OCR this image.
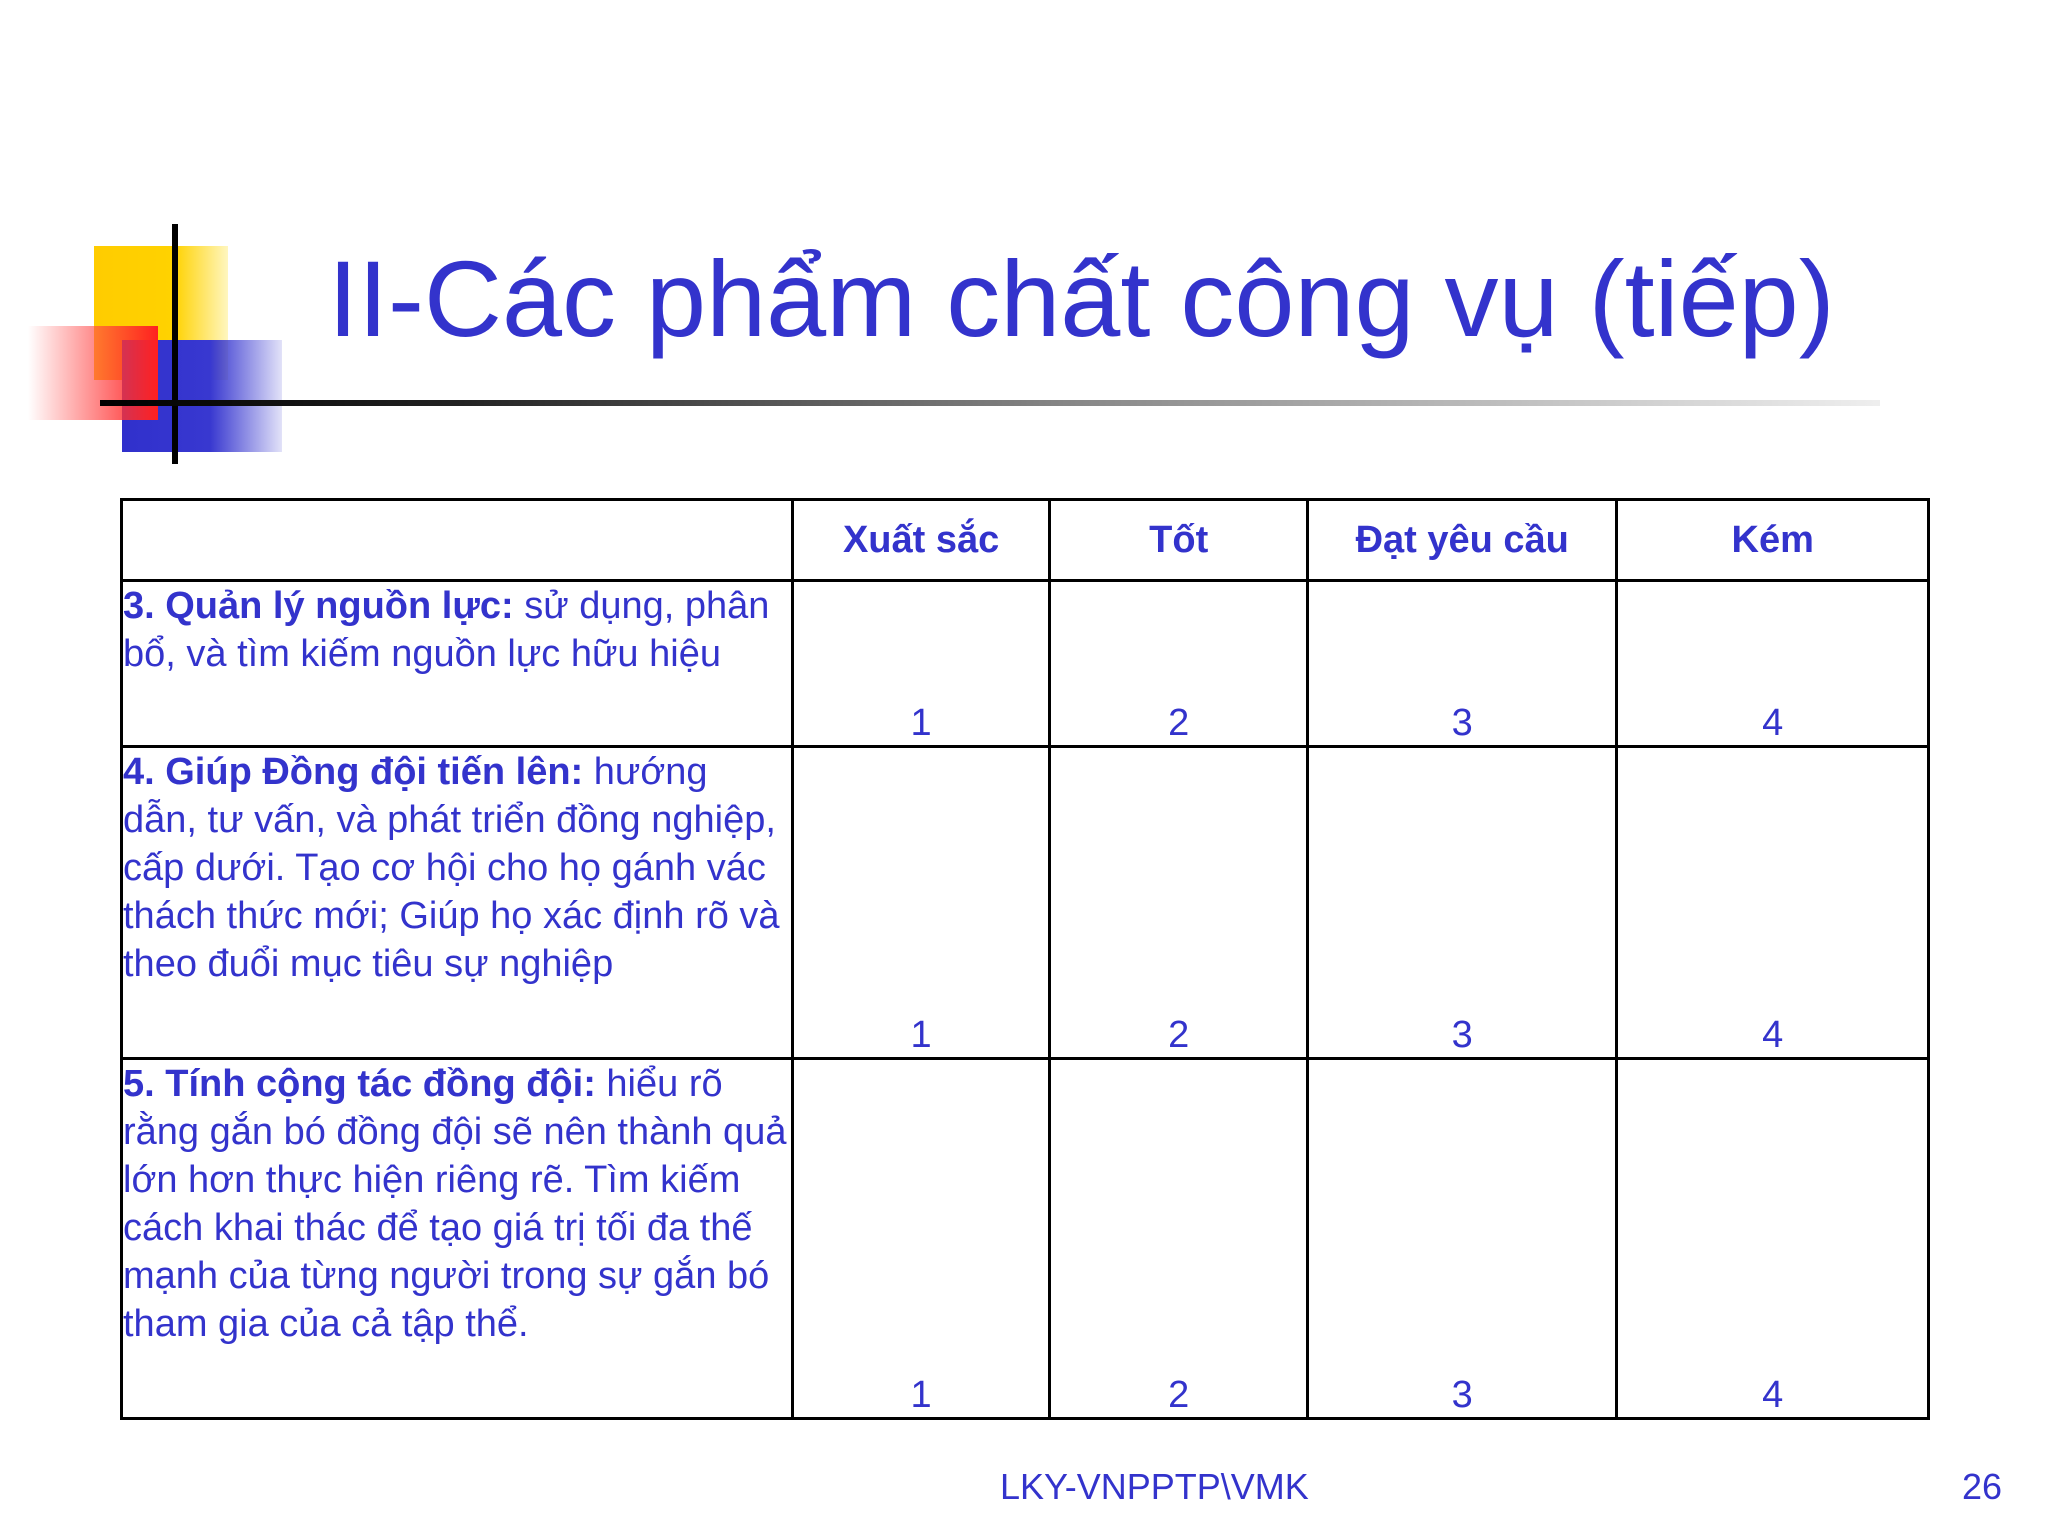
II-Các phẩm chất công vụ (tiếp)
	Xuất sắc	Tốt	Đạt yêu cầu	Kém
3. Quản lý nguồn lực: sử dụng, phân bổ, và tìm kiếm nguồn lực hữu hiệu	1	2	3	4
4. Giúp Đồng đội tiến lên: hướng dẫn, tư vấn, và phát triển đồng nghiệp, cấp dưới. Tạo cơ hội cho họ gánh vác thách thức mới; Giúp họ xác định rõ và theo đuổi mục tiêu sự nghiệp	1	2	3	4
5. Tính cộng tác đồng đội: hiểu rõ rằng gắn bó đồng đội sẽ nên thành quả lớn hơn thực hiện riêng rẽ. Tìm kiếm cách khai thác để tạo giá trị tối đa thế mạnh của từng người trong sự gắn bó tham gia của cả tập thể.	1	2	3	4
LKY-VNPPTP\VMK	26
